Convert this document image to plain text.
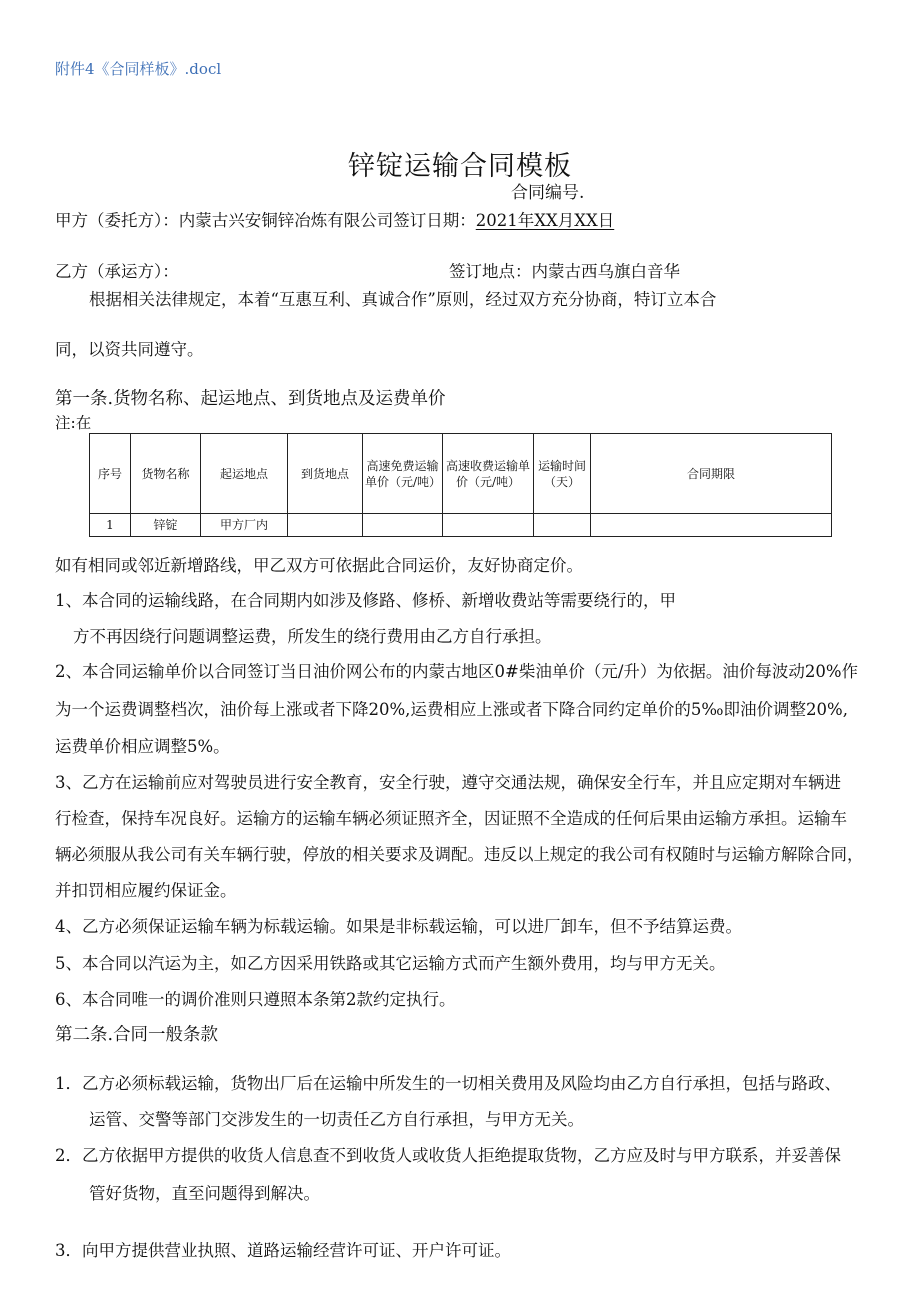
附件4《合同样板》.docl
锌锭运输合同模板
合同编号.
甲方（委托方）：内蒙古兴安铜锌冶炼有限公司签订日期：2021年XX月XX日
乙方（承运方）：	签订地点：内蒙古西乌旗白音华
根据相关法律规定，本着“互惠互利、真诚合作”原则，经过双方充分协商，特订立本合
同，以资共同遵守。
第一条.货物名称、起运地点、到货地点及运费单价
注:在
序号	货物名称	起运地点	到货地点	高速免费运输单价（元/吨）	高速收费运输单价（元/吨）	运输时间（天）	合同期限
1	锌锭	甲方厂内					
如有相同或邻近新增路线，甲乙双方可依据此合同运价，友好协商定价。
1、本合同的运输线路，在合同期内如涉及修路、修桥、新增收费站等需要绕行的，甲
方不再因绕行问题调整运费，所发生的绕行费用由乙方自行承担。
2、本合同运输单价以合同签订当日油价网公布的内蒙古地区0#柴油单价（元/升）为依据。油价每波动20%作
为一个运费调整档次，油价每上涨或者下降20%,运费相应上涨或者下降合同约定单价的5‰即油价调整20%,
运费单价相应调整5%。
3、乙方在运输前应对驾驶员进行安全教育，安全行驶，遵守交通法规，确保安全行车，并且应定期对车辆进
行检查，保持车况良好。运输方的运输车辆必须证照齐全，因证照不全造成的任何后果由运输方承担。运输车
辆必须服从我公司有关车辆行驶，停放的相关要求及调配。违反以上规定的我公司有权随时与运输方解除合同，
并扣罚相应履约保证金。
4、乙方必须保证运输车辆为标载运输。如果是非标载运输，可以进厂卸车，但不予结算运费。
5、本合同以汽运为主，如乙方因采用铁路或其它运输方式而产生额外费用，均与甲方无关。
6、本合同唯一的调价准则只遵照本条第2款约定执行。
第二条.合同一般条款
1．乙方必须标载运输，货物出厂后在运输中所发生的一切相关费用及风险均由乙方自行承担，包括与路政、
运管、交警等部门交涉发生的一切责任乙方自行承担，与甲方无关。
2．乙方依据甲方提供的收货人信息查不到收货人或收货人拒绝提取货物，乙方应及时与甲方联系，并妥善保
管好货物，直至问题得到解决。
3．向甲方提供营业执照、道路运输经营许可证、开户许可证。
